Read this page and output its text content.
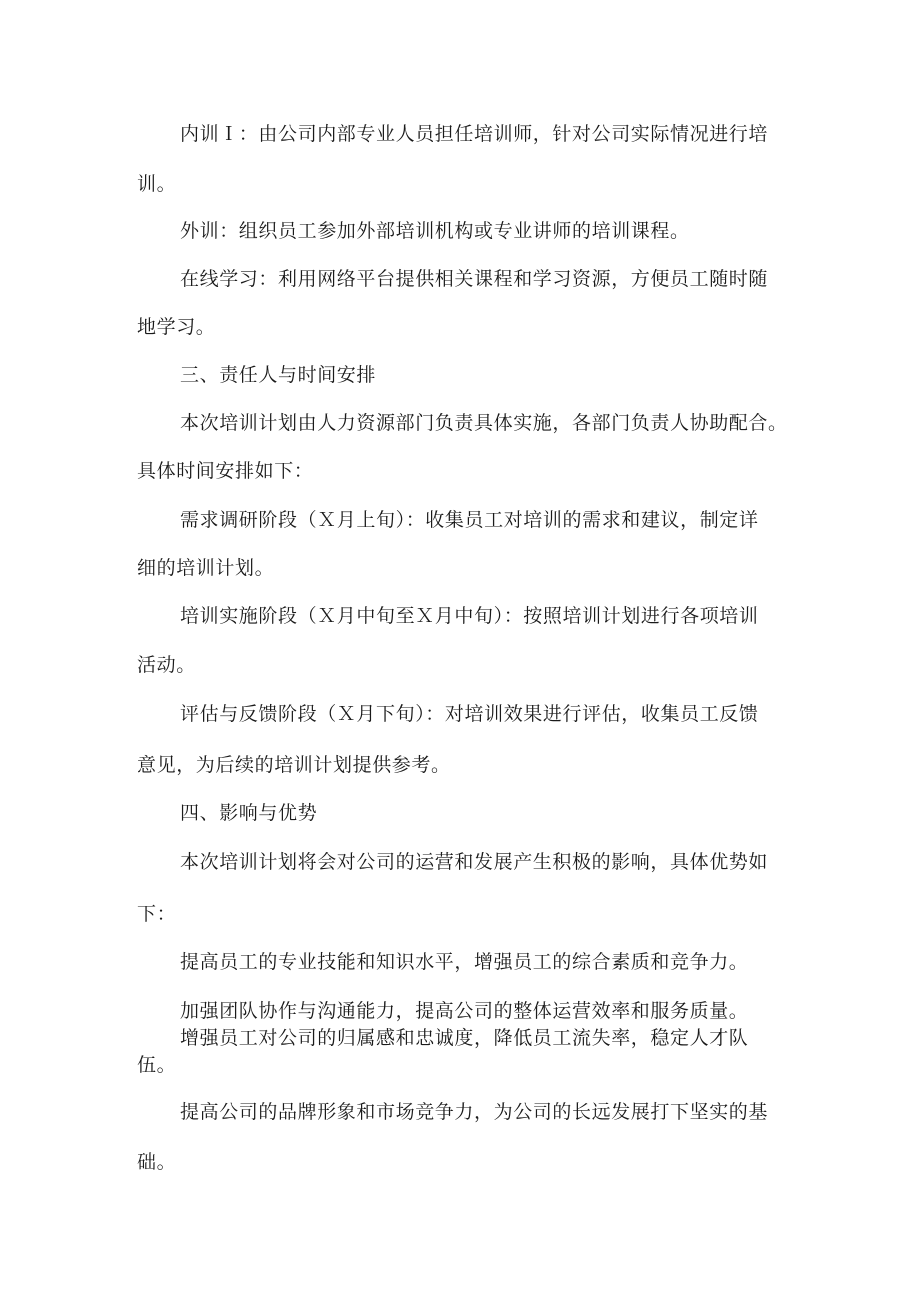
内训Ｉ：由公司内部专业人员担任培训师，针对公司实际情况进行培
训。
外训：组织员工参加外部培训机构或专业讲师的培训课程。
在线学习：利用网络平台提供相关课程和学习资源，方便员工随时随
地学习。
三、责任人与时间安排
本次培训计划由人力资源部门负责具体实施，各部门负责人协助配合。
具体时间安排如下：
需求调研阶段（Ｘ月上旬）：收集员工对培训的需求和建议，制定详
细的培训计划。
培训实施阶段（Ｘ月中旬至Ｘ月中旬）：按照培训计划进行各项培训
活动。
评估与反馈阶段（Ｘ月下旬）：对培训效果进行评估，收集员工反馈
意见，为后续的培训计划提供参考。
四、影响与优势
本次培训计划将会对公司的运营和发展产生积极的影响，具体优势如
下：
提高员工的专业技能和知识水平，增强员工的综合素质和竞争力。
加强团队协作与沟通能力，提高公司的整体运营效率和服务质量。
增强员工对公司的归属感和忠诚度，降低员工流失率，稳定人才队
伍。
提高公司的品牌形象和市场竞争力，为公司的长远发展打下坚实的基
础。
